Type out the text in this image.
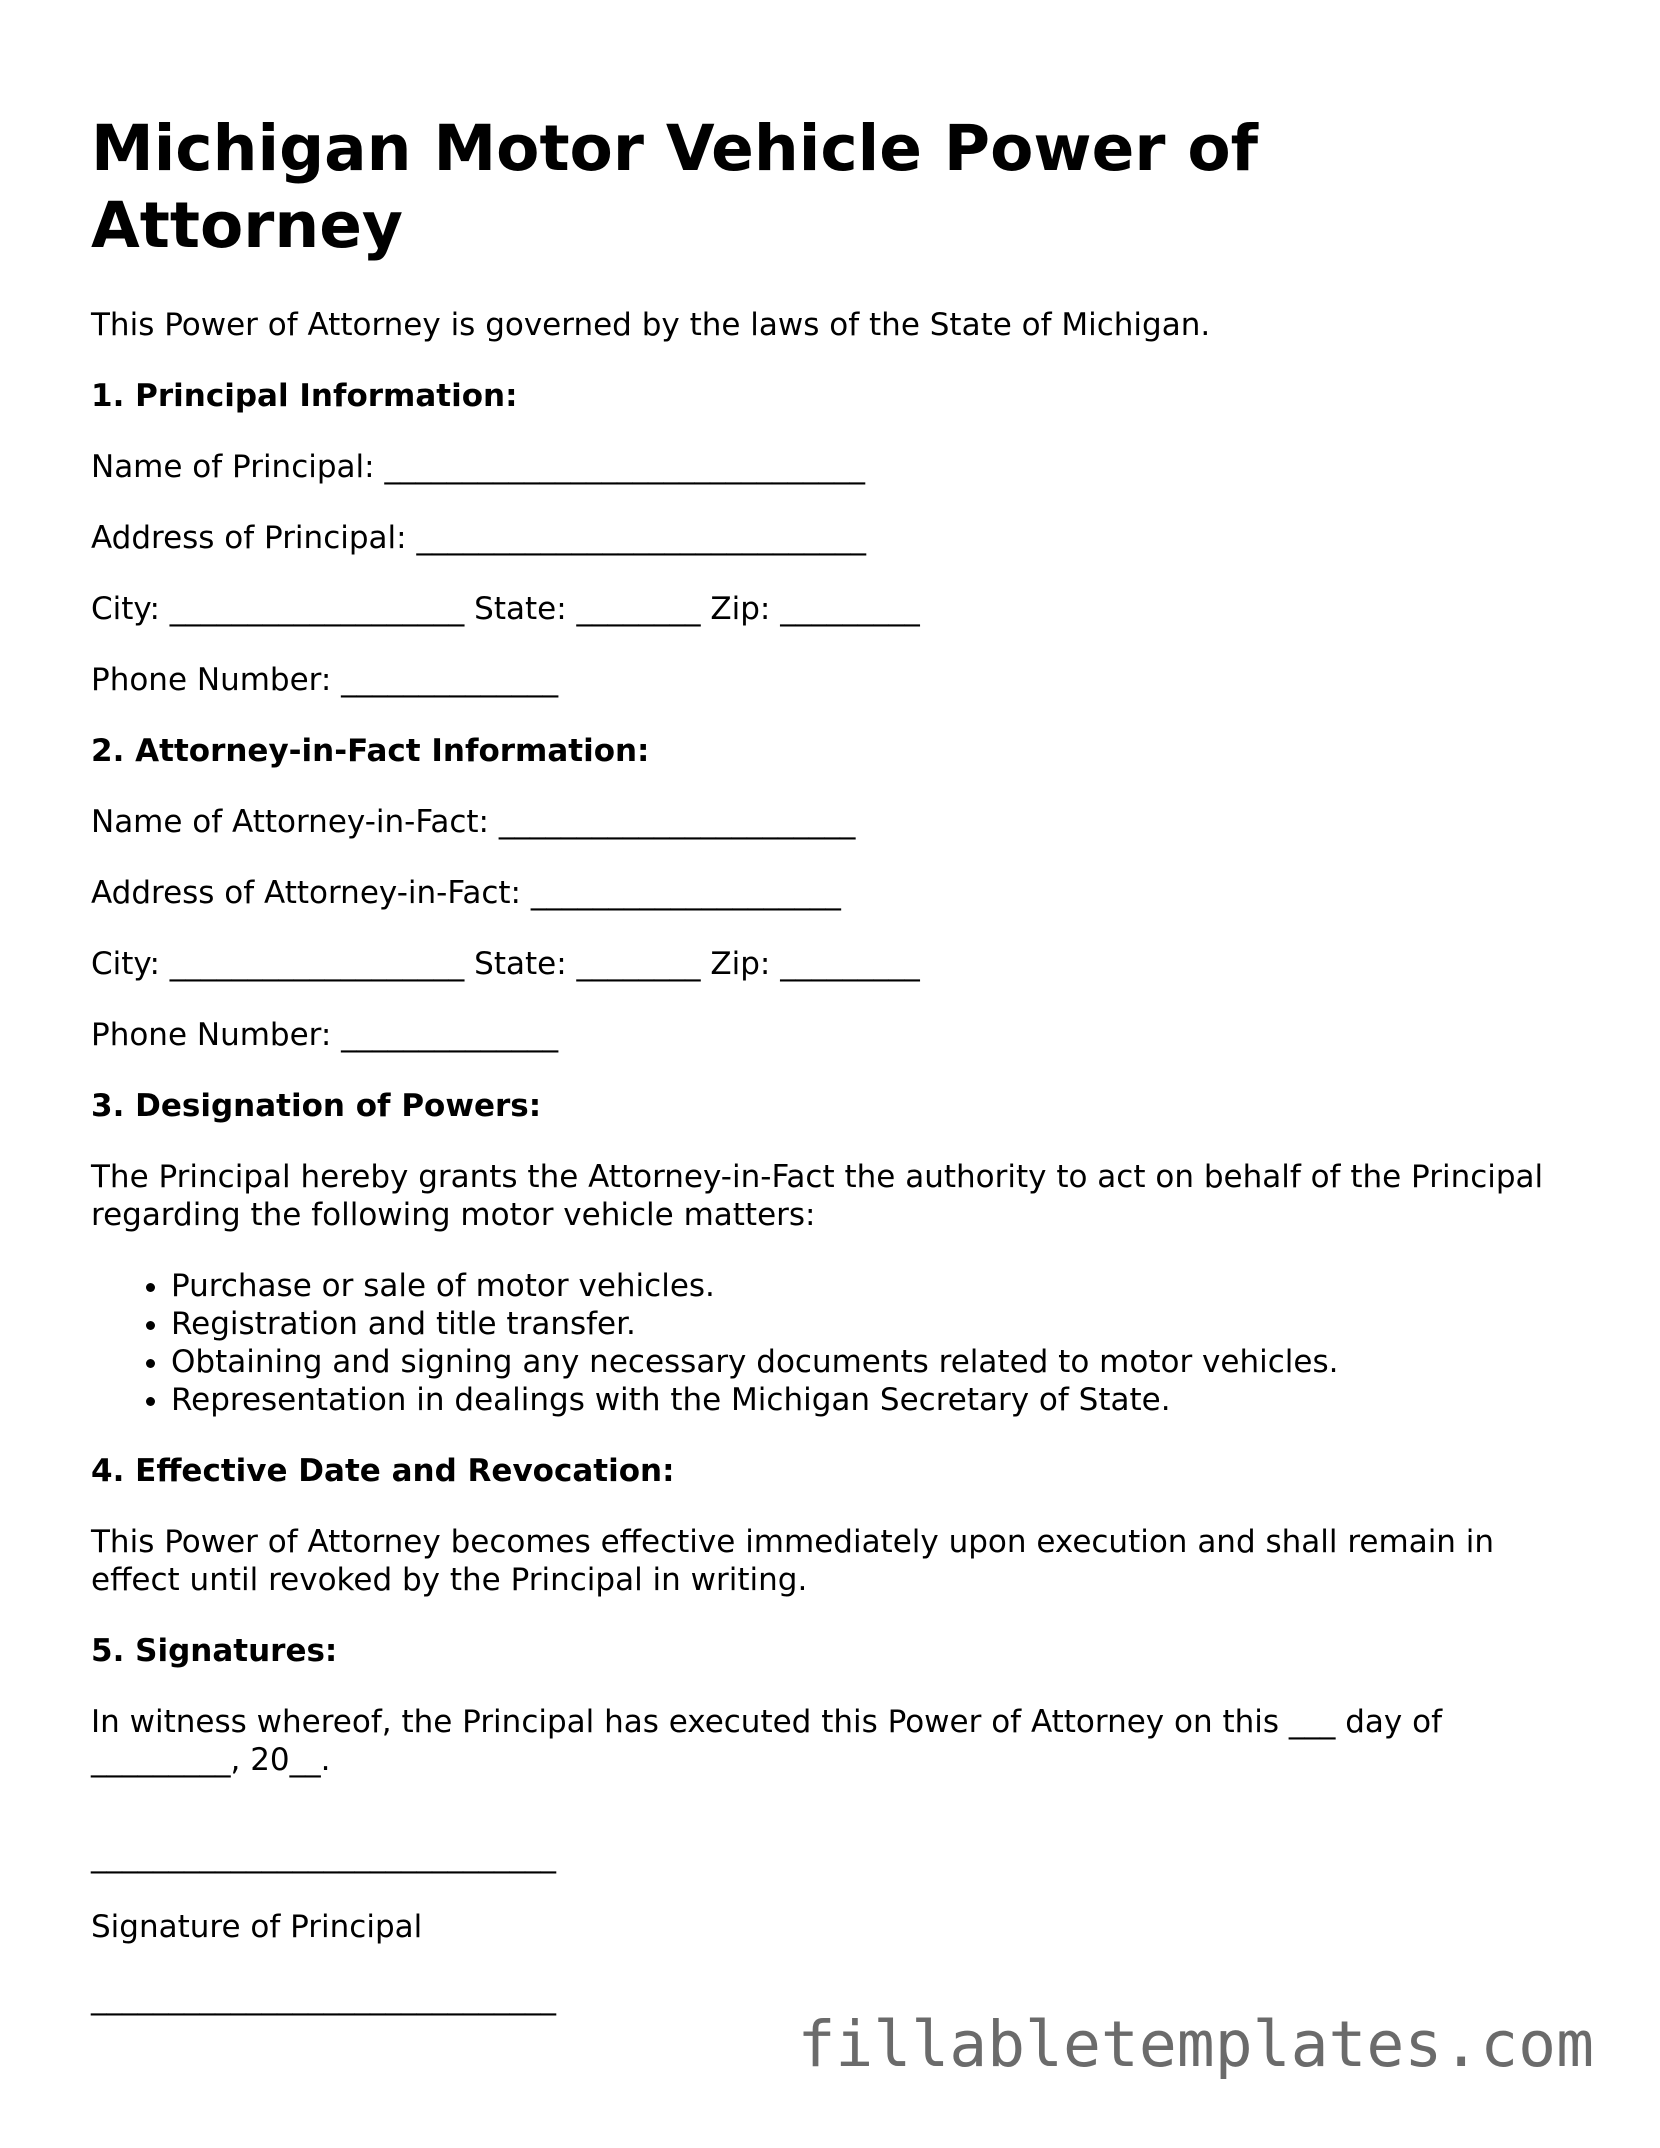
Michigan Motor Vehicle Power of Attorney

This Power of Attorney is governed by the laws of the State of Michigan.

1. Principal Information:
Name of Principal: _______________________________
Address of Principal: _____________________________
City: ___________________ State: ________ Zip: _________
Phone Number: ______________
2. Attorney-in-Fact Information:
Name of Attorney-in-Fact: _______________________
Address of Attorney-in-Fact: ____________________
City: ___________________ State: ________ Zip: _________
Phone Number: ______________
3. Designation of Powers:

The Principal hereby grants the Attorney-in-Fact the authority to act on behalf of the Principal regarding the following motor vehicle matters:

• Purchase or sale of motor vehicles.
• Registration and title transfer.
• Obtaining and signing any necessary documents related to motor vehicles.
• Representation in dealings with the Michigan Secretary of State.
4. Effective Date and Revocation:

This Power of Attorney becomes effective immediately upon execution and shall remain in effect until revoked by the Principal in writing.

5. Signatures:

In witness whereof, the Principal has executed this Power of Attorney on this ___ day of _________, 20__.

______________________________
Signature of Principal
______________________________
fillabletemplates.com
